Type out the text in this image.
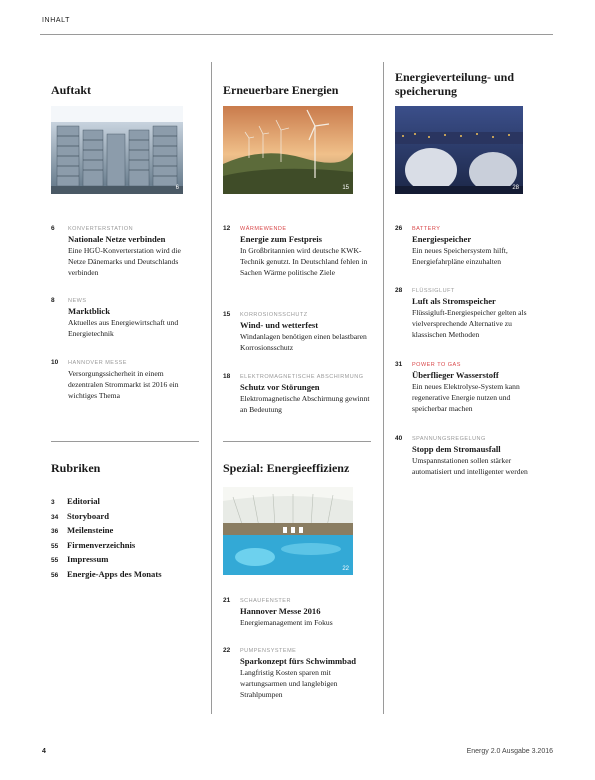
INHALT
Auftakt	Erneuerbare Energien
Energieverteilung- und speicherung
6	15	28
6 KONVERTERSTATION
Nationale Netze verbinden
Eine HGÜ-Konverterstation wird die Netze Dänemarks und Deutschlands verbinden
8 NEWS
Marktblick
Aktuelles aus Energiewirtschaft und Energietechnik
10 HANNOVER MESSE
Versorgungssicherheit in einem dezentralen Strommarkt ist 2016 ein wichtiges Thema
12 WÄRMEWENDE
Energie zum Festpreis
In Großbritannien wird deutsche KWK-Technik genutzt. In Deutschland fehlen in Sachen Wärme politische Ziele
15 KORROSIONSSCHUTZ
Wind- und wetterfest
Windanlagen benötigen einen belastbaren Korrosionsschutz
18 ELEKTROMAGNETISCHE ABSCHIRMUNG
Schutz vor Störungen
Elektromagnetische Abschirmung gewinnt an Bedeutung
26 BATTERY
Energiespeicher
Ein neues Speichersystem hilft, Energiefahrpläne einzuhalten
28 FLÜSSIGLUFT
Luft als Stromspeicher
Flüssigluft-Energiespeicher gelten als vielversprechende Alternative zu klassischen Methoden
31 POWER TO GAS
Überflieger Wasserstoff
Ein neues Elektrolyse-System kann regenerative Energie nutzen und speicherbar machen
40 SPANNUNGSREGELUNG
Stopp dem Stromausfall
Umspannstationen sollen stärker automatisiert und intelligenter werden
Rubriken
3 Editorial
34 Storyboard
36 Meilensteine
55 Firmenverzeichnis
55 Impressum
56 Energie-Apps des Monats
Spezial: Energieeffizienz
22
21 SCHAUFENSTER
Hannover Messe 2016
Energiemanagement im Fokus
22 PUMPENSYSTEME
Sparkonzept fürs Schwimmbad
Langfristig Kosten sparen mit wartungsarmen und langlebigen Strahlpumpen
4	Energy 2.0 Ausgabe 3.2016
